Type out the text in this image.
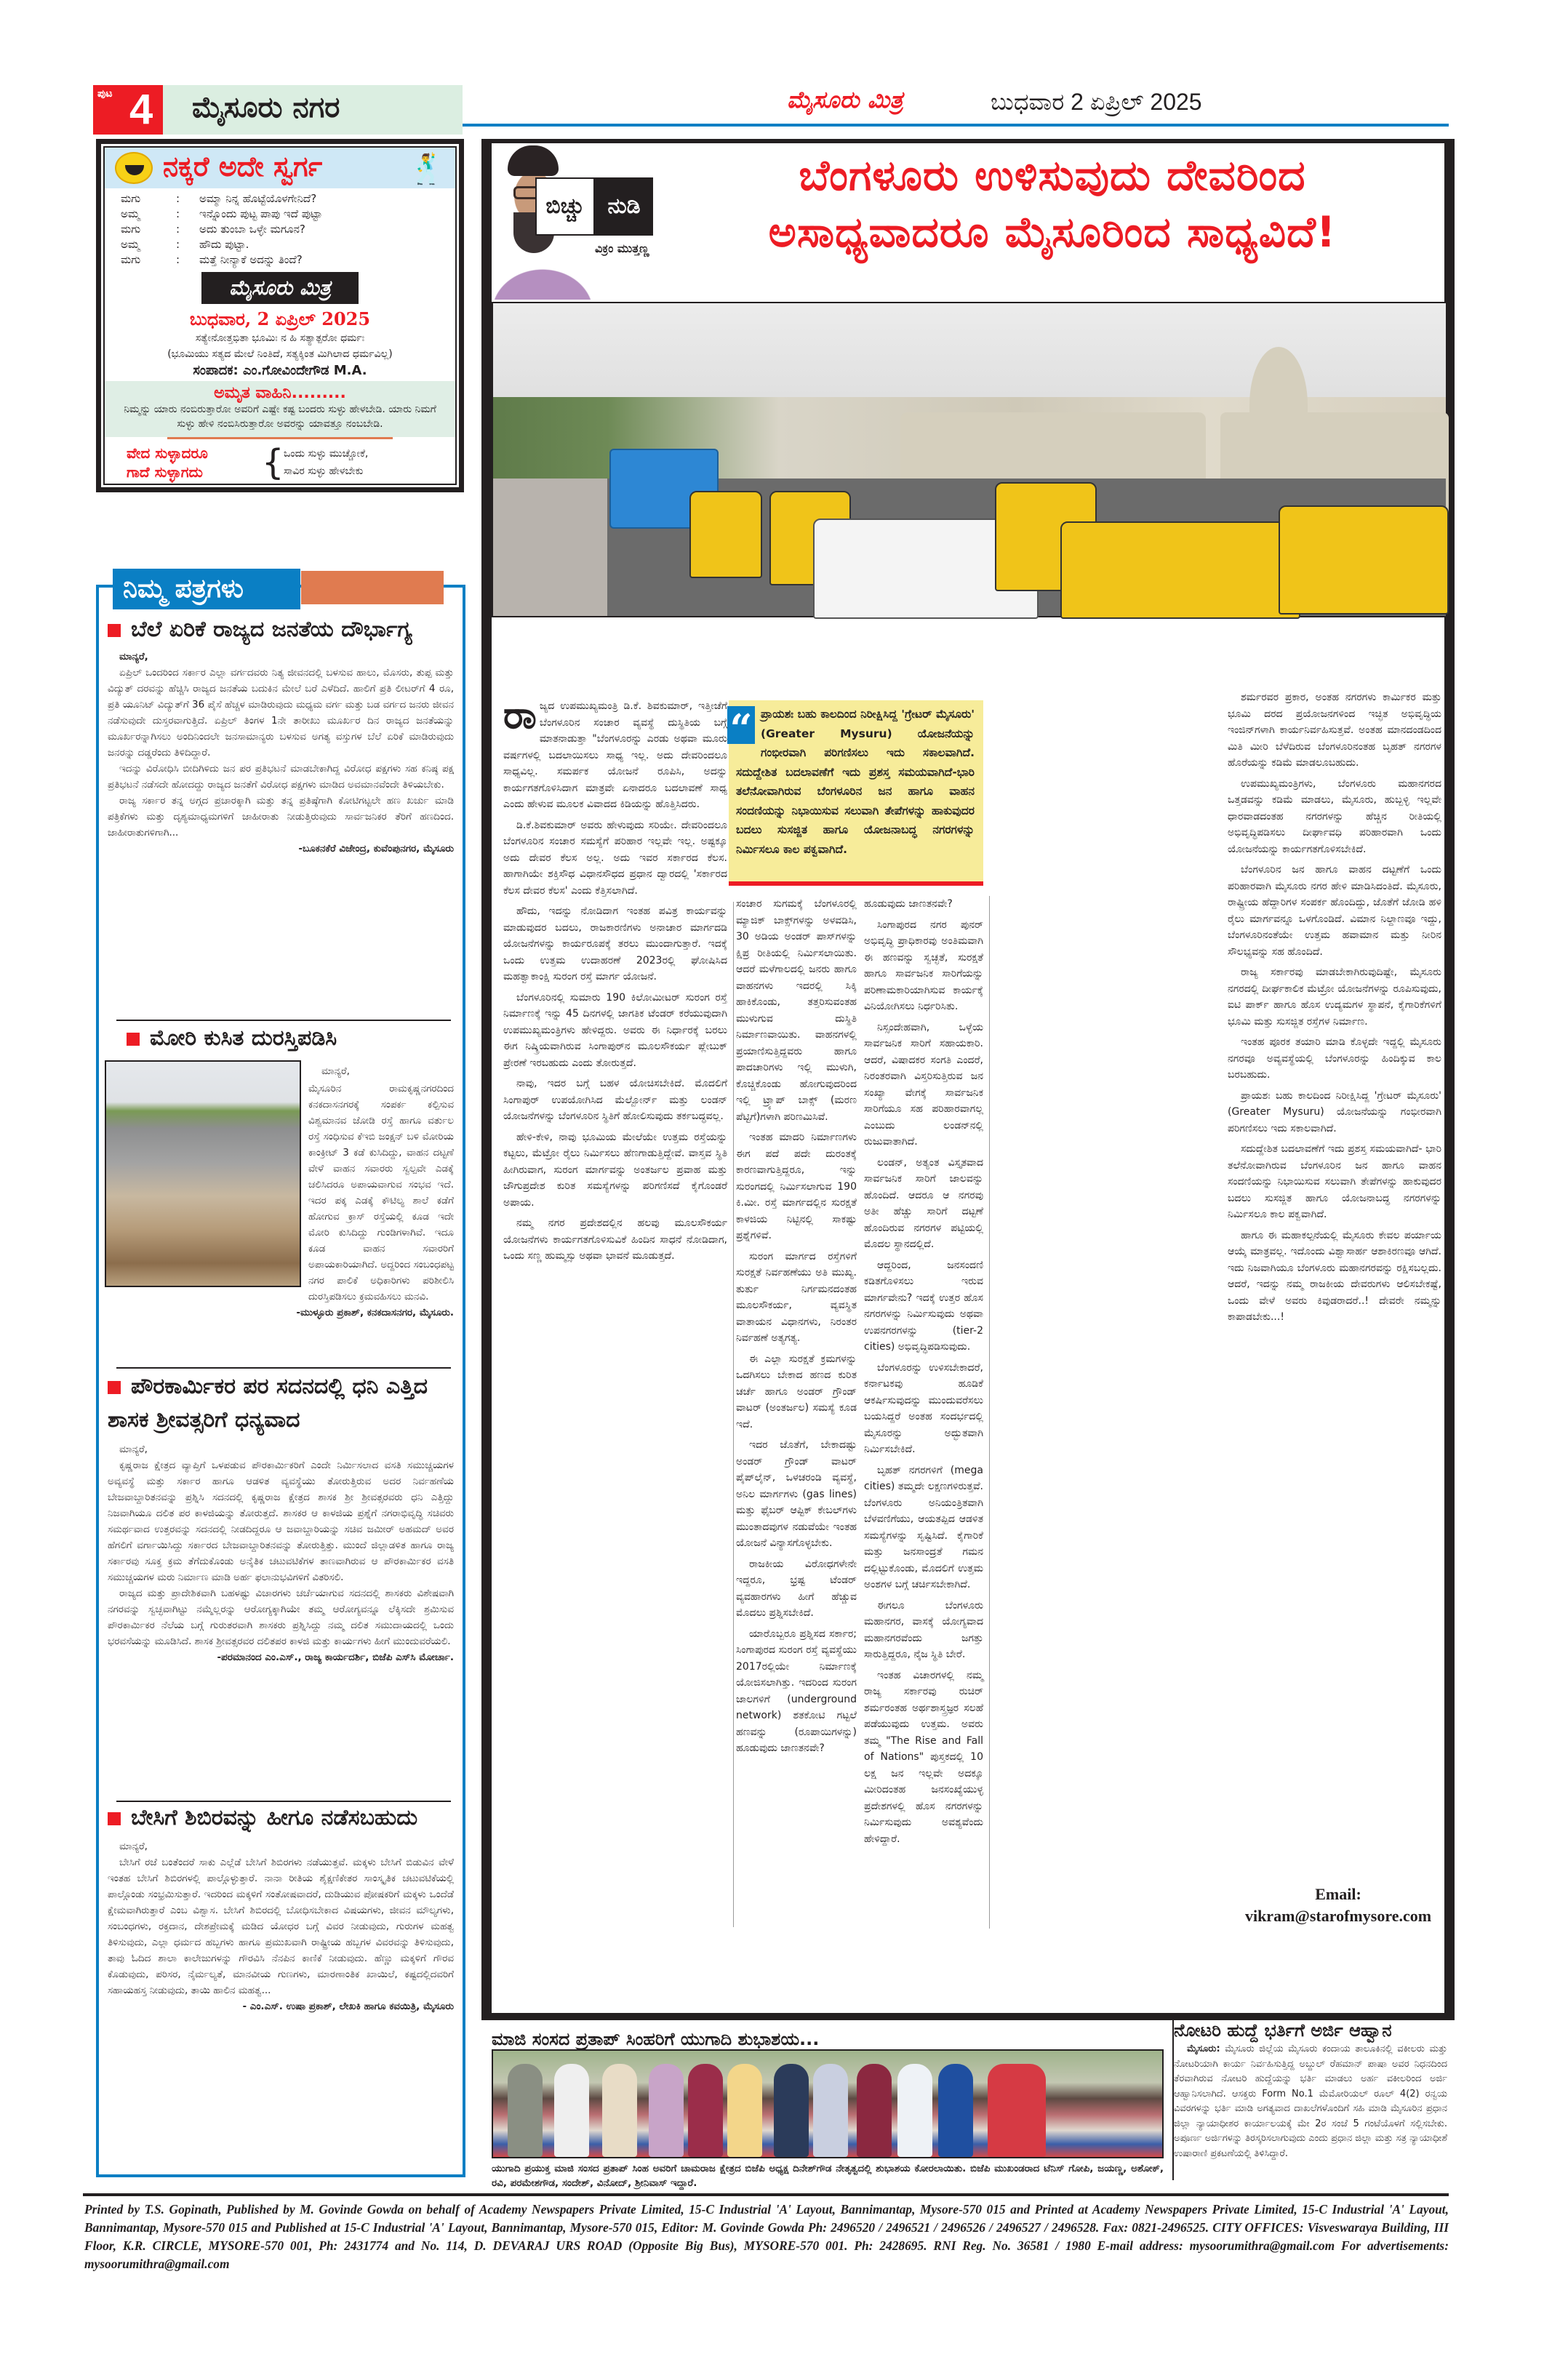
ಪುಟ 4 ಮೈಸೂರು ನಗರ	ಮೈಸೂರು ಮಿತ್ರ	ಬುಧವಾರ 2 ಏಪ್ರಿಲ್ 2025
ನಕ್ಕರೆ ಅದೇ ಸ್ವರ್ಗ	🕺
ಮಗು	:	ಅಮ್ಮಾ ನಿನ್ನ ಹೊಟ್ಟೆಯೊಳಗೇನಿದೆ?
ಅಮ್ಮ	:	ಇನ್ನೊಂದು ಪುಟ್ಟ ಪಾಪು ಇದೆ ಪುಟ್ಟಾ
ಮಗು	:	ಅದು ತುಂಬಾ ಒಳ್ಳೇ ಮಗೂನ?
ಅಮ್ಮ	:	ಹೌದು ಪುಟ್ಟಾ.
ಮಗು	:	ಮತ್ತೆ ನೀನ್ಯಾಕೆ ಅದನ್ನು ತಿಂದೆ?
ಮೈಸೂರು ಮಿತ್ರ
ಬುಧವಾರ, 2 ಏಪ್ರಿಲ್ 2025
ಸತ್ಯೇನೋತ್ತಭಿತಾ ಭೂಮಿಃ ನ ಹಿ ಸತ್ಯಾತ್ಪರೋ ಧರ್ಮಃ
(ಭೂಮಿಯು ಸತ್ಯದ ಮೇಲೆ ನಿಂತಿದೆ, ಸತ್ಯಕ್ಕಿಂತ ಮಿಗಿಲಾದ ಧರ್ಮವಿಲ್ಲ)
ಸಂಪಾದಕ: ಎಂ.ಗೋವಿಂದೇಗೌಡ M.A.
ಅಮೃತ ವಾಹಿನಿ.........
ನಿಮ್ಮನ್ನು ಯಾರು ನಂಬಿರುತ್ತಾರೋ ಅವರಿಗೆ ಎಷ್ಟೇ ಕಷ್ಟ ಬಂದರು ಸುಳ್ಳು ಹೇಳಬೇಡಿ. ಯಾರು ನಿಮಗೆ ಸುಳ್ಳು ಹೇಳಿ ನಂಬಿಸಿರುತ್ತಾರೋ ಅವರನ್ನು ಯಾವತ್ತೂ ನಂಬಬೇಡಿ.
ವೇದ ಸುಳ್ಳಾದರೂ
ಗಾದೆ ಸುಳ್ಳಾಗದು	{ ಒಂದು ಸುಳ್ಳು ಮುಚ್ಚೋಕೆ,
ಸಾವಿರ ಸುಳ್ಳು ಹೇಳಬೇಕು
ನಿಮ್ಮ ಪತ್ರಗಳು
ಬೆಲೆ ಏರಿಕೆ ರಾಜ್ಯದ ಜನತೆಯ ದೌರ್ಭಾಗ್ಯ
ಮಾನ್ಯರೆ,

ಏಪ್ರಿಲ್ ಒಂದರಿಂದ ಸರ್ಕಾರ ಎಲ್ಲಾ ವರ್ಗದವರು ನಿತ್ಯ ಜೀವನದಲ್ಲಿ ಬಳಸುವ ಹಾಲು, ಮೊಸರು, ತುಪ್ಪ ಮತ್ತು ವಿದ್ಯುತ್ ದರವನ್ನು ಹೆಚ್ಚಿಸಿ ರಾಜ್ಯದ ಜನತೆಯ ಬದುಕಿನ ಮೇಲೆ ಬರೆ ಎಳೆದಿದೆ. ಹಾಲಿಗೆ ಪ್ರತಿ ಲೀಟರ್‌ಗೆ 4 ರೂ, ಪ್ರತಿ ಯೂನಿಟ್ ವಿದ್ಯುತ್‌ಗೆ 36 ಪೈಸೆ ಹೆಚ್ಚಳ ಮಾಡಿರುವುದು ಮಧ್ಯಮ ವರ್ಗ ಮತ್ತು ಬಡ ವರ್ಗದ ಜನರು ಜೀವನ ನಡೆಸುವುದೇ ದುಸ್ತರವಾಗುತ್ತಿದೆ. ಏಪ್ರಿಲ್ ತಿಂಗಳ 1ನೇ ತಾರೀಖು ಮೂರ್ಖರ ದಿನ ರಾಜ್ಯದ ಜನತೆಯನ್ನು ಮೂರ್ಖರನ್ನಾಗಿಸಲು ಅಂದಿನಿಂದಲೇ ಜನಸಾಮಾನ್ಯರು ಬಳಸುವ ಅಗತ್ಯ ವಸ್ತುಗಳ ಬೆಲೆ ಏರಿಕೆ ಮಾಡಿರುವುದು ಜನರನ್ನು ದಡ್ಡರೆಂದು ತಿಳಿದಿದ್ದಾರೆ.

ಇದನ್ನು ವಿರೋಧಿಸಿ ಬೀದಿಗಿಳಿದು ಜನ ಪರ ಪ್ರತಿಭಟನೆ ಮಾಡಬೇಕಾಗಿದ್ದ ವಿರೋಧ ಪಕ್ಷಗಳು ಸಹ ಕನಿಷ್ಠ ಪಕ್ಷ ಪ್ರತಿಭಟನೆ ನಡೆಸದೇ ಹೋದದ್ದು ರಾಜ್ಯದ ಜನತೆಗೆ ವಿರೋಧ ಪಕ್ಷಗಳು ಮಾಡಿದ ಅವಮಾನವೆಂದೇ ತಿಳಿಯಬೇಕು.

ರಾಜ್ಯ ಸರ್ಕಾರ ತನ್ನ ಅಗ್ಗದ ಪ್ರಚಾರಕ್ಕಾಗಿ ಮತ್ತು ತನ್ನ ಪ್ರತಿಷ್ಠೆಗಾಗಿ ಕೋಟಿಗಟ್ಟಲೇ ಹಣ ಖರ್ಚು ಮಾಡಿ ಪತ್ರಿಕೆಗಳು ಮತ್ತು ದೃಶ್ಯಮಾಧ್ಯಮಗಳಿಗೆ ಜಾಹೀರಾತು ನೀಡುತ್ತಿರುವುದು ಸಾರ್ವಜನಿಕರ ತೆರಿಗೆ ಹಣದಿಂದ. ಜಾಹೀರಾತುಗಳಿಗಾಗಿ...

-ಬೂಕನಕೆರೆ ವಿಜೇಂದ್ರ, ಕುವೆಂಪುನಗರ, ಮೈಸೂರು
ಮೋರಿ ಕುಸಿತ ದುರಸ್ತಿಪಡಿಸಿ
ಮಾನ್ಯರೆ,

ಮೈಸೂರಿನ ರಾಮಕೃಷ್ಣನಗರದಿಂದ ಕನಕದಾಸನಗರಕ್ಕೆ ಸಂಪರ್ಕ ಕಲ್ಪಿಸುವ ವಿಶ್ವಮಾನವ ಜೋಡಿ ರಸ್ತೆ ಹಾಗೂ ವರ್ತುಲ ರಸ್ತೆ ಸಂಧಿಸುವ ಕೆಇಬಿ ಜಂಕ್ಷನ್ ಬಳಿ ಮೋರಿಯ ಕಾಂಕ್ರೀಟ್ 3 ಕಡೆ ಕುಸಿದಿದ್ದು, ವಾಹನ ದಟ್ಟಣೆ ವೇಳೆ ವಾಹನ ಸವಾರರು ಸ್ವಲ್ಪವೇ ಎಡಕ್ಕೆ ಚಲಿಸಿದರೂ ಅಪಾಯವಾಗುವ ಸಂಭವ ಇದೆ. ಇದರ ಪಕ್ಕ ಎಡಕ್ಕೆ ಕೌಟಿಲ್ಯ ಶಾಲೆ ಕಡೆಗೆ ಹೋಗುವ ಕ್ರಾಸ್ ರಸ್ತೆಯಲ್ಲಿ ಕೂಡ ಇದೇ ಮೋರಿ ಕುಸಿದಿದ್ದು ಗುಂಡಿಗಳಾಗಿವೆ. ಇದೂ ಕೂಡ ವಾಹನ ಸವಾರರಿಗೆ ಅಪಾಯಕಾರಿಯಾಗಿದೆ. ಅದ್ದರಿಂದ ಸಂಬಂಧಪಟ್ಟ ನಗರ ಪಾಲಿಕೆ ಅಧಿಕಾರಿಗಳು ಪರಿಶೀಲಿಸಿ ದುರಸ್ತಿಪಡಿಸಲು ಕ್ರಮವಹಿಸಲು ಮನವಿ.

-ಮುಳ್ಳೂರು ಪ್ರಕಾಶ್, ಕನಕದಾಸನಗರ, ಮೈಸೂರು.
ಪೌರಕಾರ್ಮಿಕರ ಪರ ಸದನದಲ್ಲಿ ಧನಿ ಎತ್ತಿದ ಶಾಸಕ ಶ್ರೀವತ್ಸರಿಗೆ ಧನ್ಯವಾದ
ಮಾನ್ಯರೆ,

ಕೃಷ್ಣರಾಜ ಕ್ಷೇತ್ರದ ವ್ಯಾಪ್ತಿಗೆ ಒಳಪಡುವ ಪೌರಕಾರ್ಮಿಕರಿಗೆ ಎಂದೇ ನಿರ್ಮಿಸಲಾದ ವಸತಿ ಸಮುಚ್ಚಯಗಳ ಅವ್ಯವಸ್ಥೆ ಮತ್ತು ಸರ್ಕಾರ ಹಾಗೂ ಆಡಳಿತ ವ್ಯವಸ್ಥೆಯು ತೋರುತ್ತಿರುವ ಅದರ ನಿರ್ವಹಣೆಯ ಬೇಜವಾಬ್ದಾರಿತನವನ್ನು ಪ್ರಶ್ನಿಸಿ ಸದನದಲ್ಲಿ ಕೃಷ್ಣರಾಜ ಕ್ಷೇತ್ರದ ಶಾಸಕ ಶ್ರೀ ಶ್ರೀವತ್ಸರವರು ಧನಿ ಎತ್ತಿದ್ದು ನಿಜವಾಗಿಯೂ ದಲಿತ ಪರ ಕಾಳಜಿಯನ್ನು ತೋರುತ್ತದೆ. ಶಾಸಕರ ಆ ಕಾಳಜಿಯ ಪ್ರಶ್ನೆಗೆ ನಗರಾಭಿವೃದ್ಧಿ ಸಚಿವರು ಸಮರ್ಥವಾದ ಉತ್ತರವನ್ನು ಸದನದಲ್ಲಿ ನೀಡದಿದ್ದರೂ ಆ ಜವಾಬ್ದಾರಿಯನ್ನು ಸಚಿವ ಜಮೀರ್ ಅಹಮದ್ ಅವರ ಹೆಗಲಿಗೆ ವರ್ಗಾಯಿಸಿದ್ದು ಸರ್ಕಾರದ ಬೇಜವಾಬ್ದಾರಿತನವನ್ನು ತೋರುತ್ತಿತ್ತು. ಮುಂದೆ ಜಿಲ್ಲಾಡಳಿತ ಹಾಗೂ ರಾಜ್ಯ ಸರ್ಕಾರವು ಸೂಕ್ತ ಕ್ರಮ ತೆಗೆದುಕೊಂಡು ಅನೈತಿಕ ಚಟುವಟಿಕೆಗಳ ತಾಣವಾಗಿರುವ ಆ ಪೌರಕಾರ್ಮಿಕರ ವಸತಿ ಸಮುಚ್ಚಯಗಳ ಮರು ನಿರ್ಮಾಣ ಮಾಡಿ ಅರ್ಹ ಫಲಾನುಭವಿಗಳಿಗೆ ವಿತರಿಸಲಿ.

ರಾಜ್ಯದ ಮತ್ತು ಪ್ರಾದೇಶಿಕವಾಗಿ ಬಹಳಷ್ಟು ವಿಚಾರಗಳು ಚರ್ಚೆಯಾಗುವ ಸದನದಲ್ಲಿ ಶಾಸಕರು ವಿಶೇಷವಾಗಿ ನಗರವನ್ನು ಸ್ವಚ್ಛವಾಗಿಟ್ಟು ನಮ್ಮೆಲ್ಲರನ್ನು ಆರೋಗ್ಯಕ್ಕಾಗಿಯೇ ತಮ್ಮ ಆರೋಗ್ಯವನ್ನೂ ಲೆಕ್ಕಿಸದೇ ಶ್ರಮಿಸುವ ಪೌರಕಾರ್ಮಿಕರ ನೆಲೆಯ ಬಗ್ಗೆ ಗುರುತರವಾಗಿ ಶಾಸಕರು ಪ್ರಶ್ನಿಸಿದ್ದು ನಮ್ಮ ದಲಿತ ಸಮುದಾಯದಲ್ಲಿ ಒಂದು ಭರವಸೆಯನ್ನು ಮೂಡಿಸಿದೆ. ಶಾಸಕ ಶ್ರೀವತ್ಸರವರ ದಲಿತಪರ ಕಾಳಜಿ ಮತ್ತು ಕಾರ್ಯಗಳು ಹೀಗೆ ಮುಂದುವರೆಯಲಿ.

-ಪರಮಾನಂದ ಎಂ.ಎಸ್., ರಾಜ್ಯ ಕಾರ್ಯದರ್ಶಿ, ಬಿಜೆಪಿ ಎಸ್‌ಸಿ ಮೋರ್ಚಾ.
ಬೇಸಿಗೆ ಶಿಬಿರವನ್ನು ಹೀಗೂ ನಡೆಸಬಹುದು
ಮಾನ್ಯರೆ,

ಬೇಸಿಗೆ ರಜೆ ಬಂತೆಂದರೆ ಸಾಕು ಎಲ್ಲೆಡೆ ಬೇಸಿಗೆ ಶಿಬಿರಗಳು ನಡೆಯುತ್ತವೆ. ಮಕ್ಕಳು ಬೇಸಿಗೆ ಬಿಡುವಿನ ವೇಳೆ ಇಂತಹ ಬೇಸಿಗೆ ಶಿಬಿರಗಳಲ್ಲಿ ಪಾಲ್ಗೊಳ್ಳುತ್ತಾರೆ. ನಾನಾ ರೀತಿಯ ಶೈಕ್ಷಣಿಕೇತರ ಸಾಂಸ್ಕೃತಿಕ ಚಟುವಟಿಕೆಯಲ್ಲಿ ಪಾಲ್ಗೊಂಡು ಸಂಭ್ರಮಿಸುತ್ತಾರೆ. ಇದರಿಂದ ಮಕ್ಕಳಿಗೆ ಸಂತೋಷವಾದರೆ, ದುಡಿಯುವ ಪೋಷಕರಿಗೆ ಮಕ್ಕಳು ಒಂದೆಡೆ ಕ್ಷೇಮವಾಗಿರುತ್ತಾರೆ ಎಂಬ ವಿಶ್ವಾಸ. ಬೇಸಿಗೆ ಶಿಬಿರದಲ್ಲಿ ಬೋಧಿಸಬೇಕಾದ ವಿಷಯಗಳು, ಜೀವನ ಮೌಲ್ಯಗಳು, ಸಂಬಂಧಗಳು, ರಕ್ತದಾನ, ದೇಶಪ್ರೇಮಕ್ಕೆ ಮಡಿದ ಯೋಧರ ಬಗ್ಗೆ ವಿವರ ನೀಡುವುದು, ಗುರುಗಳ ಮಹತ್ವ ತಿಳಿಸುವುದು, ಎಲ್ಲಾ ಧರ್ಮದ ಹಬ್ಬಗಳು ಹಾಗೂ ಪ್ರಮುಖವಾಗಿ ರಾಷ್ಟ್ರೀಯ ಹಬ್ಬಗಳ ವಿವರವನ್ನು ತಿಳಿಸುವುದು, ತಾವು ಓದಿದ ಶಾಲಾ ಕಾಲೇಜುಗಳನ್ನು ಗೌರವಿಸಿ ನೆನಪಿನ ಕಾಣಿಕೆ ನೀಡುವುದು. ಹೆಣ್ಣು ಮಕ್ಕಳಿಗೆ ಗೌರವ ಕೊಡುವುದು, ಪರಿಸರ, ನೈರ್ಮಲ್ಯತೆ, ಮಾನವೀಯ ಗುಣಗಳು, ಮಾರಣಾಂತಿಕ ಖಾಯಿಲೆ, ಕಷ್ಟದಲ್ಲಿದವರಿಗೆ ಸಹಾಯಹಸ್ತ ನೀಡುವುದು, ತಾಯಿ ಹಾಲಿನ ಮಹತ್ವ...

- ಎಂ.ಎಸ್. ಉಷಾ ಪ್ರಕಾಶ್, ಲೇಖಕಿ ಹಾಗೂ ಕವಯಿತ್ರಿ, ಮೈಸೂರು
ಬಿಚ್ಚು	ನುಡಿ
ವಿಕ್ರಂ ಮುತ್ತಣ್ಣ
ಬೆಂಗಳೂರು ಉಳಿಸುವುದು ದೇವರಿಂದ
ಅಸಾಧ್ಯವಾದರೂ ಮೈಸೂರಿಂದ ಸಾಧ್ಯವಿದೆ!

ರಾಜ್ಯದ ಉಪಮುಖ್ಯಮಂತ್ರಿ ಡಿ.ಕೆ. ಶಿವಕುಮಾರ್, ಇತ್ತೀಚೆಗೆ ಬೆಂಗಳೂರಿನ ಸಂಚಾರ ವ್ಯವಸ್ಥೆ ದುಸ್ಥಿತಿಯ ಬಗ್ಗೆ ಮಾತನಾಡುತ್ತಾ "ಬೆಂಗಳೂರನ್ನು ಎರಡು ಅಥವಾ ಮೂರು ವರ್ಷಗಳಲ್ಲಿ ಬದಲಾಯಿಸಲು ಸಾಧ್ಯ ಇಲ್ಲ. ಅದು ದೇವರಿಂದಲೂ ಸಾಧ್ಯವಿಲ್ಲ. ಸಮರ್ಪಕ ಯೋಜನೆ ರೂಪಿಸಿ, ಅದನ್ನು ಕಾರ್ಯಗತಗೊಳಿಸಿದಾಗ ಮಾತ್ರವೇ ಏನಾದರೂ ಬದಲಾವಣೆ ಸಾಧ್ಯ ಎಂದು ಹೇಳುವ ಮೂಲಕ ವಿವಾದದ ಕಿಡಿಯನ್ನು ಹೊತ್ತಿಸಿದರು.

ಡಿ.ಕೆ.ಶಿವಕುಮಾರ್ ಅವರು ಹೇಳುವುದು ಸರಿಯೇ. ದೇವರಿಂದಲೂ ಬೆಂಗಳೂರಿನ ಸಂಚಾರ ಸಮಸ್ಯೆಗೆ ಪರಿಹಾರ ಇಲ್ಲವೇ ಇಲ್ಲ. ಅಷ್ಟಕ್ಕೂ ಅದು ದೇವರ ಕೆಲಸ ಅಲ್ಲ. ಅದು ಇವರ ಸರ್ಕಾರದ ಕೆಲಸ. ಹಾಗಾಗಿಯೇ ಶಕ್ತಿಸೌಧ ವಿಧಾನಸೌಧದ ಪ್ರಧಾನ ದ್ವಾರದಲ್ಲಿ 'ಸರ್ಕಾರದ ಕೆಲಸ ದೇವರ ಕೆಲಸ' ಎಂದು ಕೆತ್ತಿಸಲಾಗಿದೆ.

ಹೌದು, ಇದನ್ನು ನೋಡಿದಾಗ ಇಂತಹ ಪವಿತ್ರ ಕಾರ್ಯವನ್ನು ಮಾಡುವುದರ ಬದಲು, ರಾಜಕಾರಣಿಗಳು ಅನಾಚಾರ ಮಾರ್ಗದಡಿ ಯೋಜನೆಗಳನ್ನು ಕಾರ್ಯರೂಪಕ್ಕೆ ತರಲು ಮುಂದಾಗುತ್ತಾರೆ. ಇದಕ್ಕೆ ಒಂದು ಉತ್ತಮ ಉದಾಹರಣೆ 2023ರಲ್ಲಿ ಘೋಷಿಸಿದ ಮಹತ್ವಾಕಾಂಕ್ಷಿ ಸುರಂಗ ರಸ್ತೆ ಮಾರ್ಗ ಯೋಜನೆ.

ಬೆಂಗಳೂರಿನಲ್ಲಿ ಸುಮಾರು 190 ಕಿಲೋಮೀಟರ್ ಸುರಂಗ ರಸ್ತೆ ನಿರ್ಮಾಣಕ್ಕೆ ಇನ್ನು 45 ದಿನಗಳಲ್ಲಿ ಜಾಗತಿಕ ಟೆಂಡರ್ ಕರೆಯುವುದಾಗಿ ಉಪಮುಖ್ಯಮಂತ್ರಿಗಳು ಹೇಳಿದ್ದರು. ಅವರು ಈ ನಿರ್ಧಾರಕ್ಕೆ ಬರಲು ಈಗ ನಿಷ್ಕ್ರಿಯವಾಗಿರುವ ಸಿಂಗಾಪುರ್‌ನ ಮೂಲಸೌಕರ್ಯ ಪ್ಲೇಬುಕ್ ಪ್ರೇರಣೆ ಇರಬಹುದು ಎಂದು ತೋರುತ್ತದೆ.

ನಾವು, ಇದರ ಬಗ್ಗೆ ಬಹಳ ಯೋಚಿಸಬೇಕಿದೆ. ಮೊದಲಿಗೆ ಸಿಂಗಾಪುರ್ ಉಪಯೋಗಿಸಿದ ಮೆಲ್ಬೋರ್ನ್ ಮತ್ತು ಲಂಡನ್ ಯೋಜನೆಗಳನ್ನು ಬೆಂಗಳೂರಿನ ಸ್ಥಿತಿಗೆ ಹೋಲಿಸುವುದು ತರ್ಕಬದ್ಧವಲ್ಲ.

ಹೇಳಿ-ಕೇಳಿ, ನಾವು ಭೂಮಿಯ ಮೇಲೆಯೇ ಉತ್ತಮ ರಸ್ತೆಯನ್ನು ಕಟ್ಟಲು, ಮೆಟ್ರೋ ರೈಲು ನಿರ್ಮಿಸಲು ಹೆಣಗಾಡುತ್ತಿದ್ದೇವೆ. ವಾಸ್ತವ ಸ್ಥಿತಿ ಹೀಗಿರುವಾಗ, ಸುರಂಗ ಮಾರ್ಗವನ್ನು ಅಂತರ್ಜಲ ಪ್ರವಾಹ ಮತ್ತು ಜೌಗುಪ್ರದೇಶ ಕುರಿತ ಸಮಸ್ಯೆಗಳನ್ನು ಪರಿಗಣಿಸದೆ ಕೈಗೊಂಡರೆ ಅಪಾಯ.

ನಮ್ಮ ನಗರ ಪ್ರದೇಶದಲ್ಲಿನ ಹಲವು ಮೂಲಸೌಕರ್ಯ ಯೋಜನೆಗಳು ಕಾರ್ಯಗತಗೊಳಿಸುವಿಕೆ ಹಿಂದಿನ ಸಾಧನೆ ನೋಡಿದಾಗ, ಒಂದು ಸಣ್ಣ ಹುಮ್ಮಸ್ಸು ಅಥವಾ ಭಾವನೆ ಮೂಡುತ್ತದೆ.

“ ಪ್ರಾಯಶಃ ಬಹು ಕಾಲದಿಂದ ನಿರೀಕ್ಷಿಸಿದ್ದ 'ಗ್ರೇಟರ್ ಮೈಸೂರು' (Greater Mysuru) ಯೋಜನೆಯನ್ನು ಗಂಭೀರವಾಗಿ ಪರಿಗಣಿಸಲು ಇದು ಸಕಾಲವಾಗಿದೆ. ಸದುದ್ದೇಶಿತ ಬದಲಾವಣೆಗೆ ಇದು ಪ್ರಶಸ್ತ ಸಮಯವಾಗಿದೆ-ಭಾರಿ ತಲೆನೋವಾಗಿರುವ ಬೆಂಗಳೂರಿನ ಜನ ಹಾಗೂ ವಾಹನ ಸಂದಣಿಯನ್ನು ನಿಭಾಯಿಸುವ ಸಲುವಾಗಿ ತೇಪೆಗಳನ್ನು ಹಾಕುವುದರ ಬದಲು ಸುಸಜ್ಜಿತ ಹಾಗೂ ಯೋಜನಾಬದ್ಧ ನಗರಗಳನ್ನು ನಿರ್ಮಿಸಲೂ ಕಾಲ ಪಕ್ವವಾಗಿದೆ.

ಸಂಚಾರ ಸುಗಮಕ್ಕೆ ಬೆಂಗಳೂರಲ್ಲಿ ಮ್ಯಾಜಿಕ್ ಬಾಕ್ಸ್‌ಗಳನ್ನು ಅಳವಡಿಸಿ, 30 ಅಡಿಯ ಅಂಡರ್ ಪಾಸ್‌ಗಳನ್ನು ಕ್ಷಿಪ್ರ ರೀತಿಯಲ್ಲಿ ನಿರ್ಮಿಸಲಾಯಿತು. ಆದರೆ ಮಳೆಗಾಲದಲ್ಲಿ ಜನರು ಹಾಗೂ ವಾಹನಗಳು ಇದರಲ್ಲಿ ಸಿಕ್ಕಿ ಹಾಕಿಕೊಂಡು, ತತ್ತರಿಸುವಂತಹ ಮುಳುಗುವ ದುಸ್ಥಿತಿ ನಿರ್ಮಾಣವಾಯಿತು. ವಾಹನಗಳಲ್ಲಿ ಪ್ರಯಾಣಿಸುತ್ತಿದ್ದವರು ಹಾಗೂ ಪಾದಚಾರಿಗಳು ಇಲ್ಲಿ ಮುಳುಗಿ, ಕೊಚ್ಚಿಕೊಂಡು ಹೋಗುವುದರಿಂದ ಇಲ್ಲಿ ಟ್ರ್ಯಾಪ್ ಬಾಕ್ಸ್ (ಮರಣ ಪೆಟ್ಟಿಗೆ)ಗಳಾಗಿ ಪರಿಣಮಿಸಿವೆ.

ಇಂತಹ ಮಾದರಿ ನಿರ್ಮಾಣಗಳು ಈಗ ಪದೆ ಪದೇ ದುರಂತಕ್ಕೆ ಕಾರಣವಾಗುತ್ತಿದ್ದರೂ, ಇನ್ನು ಸುರಂಗದಲ್ಲಿ ನಿರ್ಮಿಸಲಾಗುವ 190 ಕಿ.ಮೀ. ರಸ್ತೆ ಮಾರ್ಗದಲ್ಲಿನ ಸುರಕ್ಷತೆ ಕಾಳಜಿಯ ನಿಟ್ಟಿನಲ್ಲಿ ಸಾಕಷ್ಟು ಪ್ರಶ್ನೆಗಳಿವೆ.

ಸುರಂಗ ಮಾರ್ಗದ ರಸ್ತೆಗಳಿಗೆ ಸುರಕ್ಷತೆ ನಿರ್ವಹಣೆಯು ಅತಿ ಮುಖ್ಯ. ತುರ್ತು ನಿರ್ಗಮನದಂತಹ ಮೂಲಸೌಕರ್ಯ, ವ್ಯವಸ್ಥಿತ ವಾತಾಯನ ವಿಧಾನಗಳು, ನಿರಂತರ ನಿರ್ವಹಣೆ ಅತ್ಯಗತ್ಯ.

ಈ ಎಲ್ಲಾ ಸುರಕ್ಷತೆ ಕ್ರಮಗಳನ್ನು ಒದಗಿಸಲು ಬೇಕಾದ ಹಣದ ಕುರಿತ ಚರ್ಚೆ ಹಾಗೂ ಅಂಡರ್ ಗ್ರೌಂಡ್ ವಾಟರ್ (ಅಂತರ್ಜಲ) ಸಮಸ್ಯೆ ಕೂಡ ಇದೆ.

ಇದರ ಜೊತೆಗೆ, ಬೇಕಾದಷ್ಟು ಅಂಡರ್ ಗ್ರೌಂಡ್ ವಾಟರ್ ಪೈಪ್‌ಲೈನ್, ಒಳಚರಂಡಿ ವ್ಯವಸ್ಥೆ, ಅನಿಲ ಮಾರ್ಗಗಳು (gas lines) ಮತ್ತು ಫೈಬರ್ ಆಪ್ಟಿಕ್ ಕೇಬಲ್‌ಗಳು ಮುಂತಾದವುಗಳ ನಡುವೆಯೇ ಇಂತಹ ಯೋಜನೆ ವಿನ್ಯಾಸಗೊಳ್ಳಬೇಕು.

ರಾಜಕೀಯ ವಿರೋಧಗಳೇನೇ ಇದ್ದರೂ, ಭ್ರಷ್ಟ ಟೆಂಡರ್ ವ್ಯವಹಾರಗಳು ಹೀಗೆ ಹೆಚ್ಚುವ ಮೊದಲು ಪ್ರಶ್ನಿಸಬೇಕಿದೆ.

ಯಾರೊಬ್ಬರೂ ಪ್ರಶ್ನಿಸದ ಸರ್ಕಾರ; ಸಿಂಗಾಪುರದ ಸುರಂಗ ರಸ್ತೆ ವ್ಯವಸ್ಥೆಯು 2017ರಲ್ಲಿಯೇ ನಿರ್ಮಾಣಕ್ಕೆ ಯೋಜಿಸಲಾಗಿತ್ತು. ಇದರಿಂದ ಸುರಂಗ ಜಾಲಗಳಿಗೆ (underground network) ಶತಕೋಟಿ ಗಟ್ಟಲೆ ಹಣವನ್ನು (ರೂಪಾಯಿಗಳನ್ನು) ಹೂಡುವುದು ಜಾಣತನವೇ?

ಹೂಡುವುದು ಜಾಣತನವೇ?

ಸಿಂಗಾಪುರದ ನಗರ ಪುನರ್ ಅಭಿವೃದ್ಧಿ ಪ್ರಾಧಿಕಾರವು ಅಂತಿಮವಾಗಿ ಈ ಹಣವನ್ನು ಸ್ವಚ್ಛತೆ, ಸುರಕ್ಷತೆ ಹಾಗೂ ಸಾರ್ವಜನಿಕ ಸಾರಿಗೆಯನ್ನು ಪರಿಣಾಮಕಾರಿಯಾಗಿಸುವ ಕಾರ್ಯಕ್ಕೆ ವಿನಿಯೋಗಿಸಲು ನಿರ್ಧರಿಸಿತು.

ನಿಸ್ಸಂದೇಹವಾಗಿ, ಒಳ್ಳೆಯ ಸಾರ್ವಜನಿಕ ಸಾರಿಗೆ ಸಹಾಯಕಾರಿ. ಆದರೆ, ವಿಷಾದಕರ ಸಂಗತಿ ಎಂದರೆ, ನಿರಂತರವಾಗಿ ವಿಸ್ತರಿಸುತ್ತಿರುವ ಜನ ಸಂಖ್ಯಾ ವೇಗಕ್ಕೆ ಸಾರ್ವಜನಿಕ ಸಾರಿಗೆಯೂ ಸಹ ಪರಿಹಾರವಾಗಲ್ಲ ಎಂಬುದು ಲಂಡನ್‌ನಲ್ಲಿ ರುಜುವಾತಾಗಿದೆ.

ಲಂಡನ್, ಅತ್ಯಂತ ವಿಸ್ತೃತವಾದ ಸಾರ್ವಜನಿಕ ಸಾರಿಗೆ ಜಾಲವನ್ನು ಹೊಂದಿದೆ. ಆದರೂ ಆ ನಗರವು ಅತೀ ಹೆಚ್ಚು ಸಾರಿಗೆ ದಟ್ಟಣೆ ಹೊಂದಿರುವ ನಗರಗಳ ಪಟ್ಟಿಯಲ್ಲಿ ಮೊದಲ ಸ್ಥಾನದಲ್ಲಿದೆ.

ಆದ್ದರಿಂದ, ಜನಸಂದಣಿ ಕಡಿತಗೊಳಿಸಲು ಇರುವ ಮಾರ್ಗವೇನು? ಇದಕ್ಕೆ ಉತ್ತರ ಹೊಸ ನಗರಗಳನ್ನು ನಿರ್ಮಿಸುವುದು ಅಥವಾ ಉಪನಗರಗಳನ್ನು (tier-2 cities) ಅಭಿವೃದ್ಧಿಪಡಿಸುವುದು.

ಬೆಂಗಳೂರನ್ನು ಉಳಿಸಬೇಕಾದರೆ, ಕರ್ನಾಟಕವು ಹೂಡಿಕೆ ಆಕರ್ಷಿಸುವುದನ್ನು ಮುಂದುವರೆಸಲು ಬಯಸಿದ್ದರೆ ಅಂತಹ ಸಂದರ್ಭದಲ್ಲಿ ಮೈಸೂರನ್ನು ಅದ್ಭುತವಾಗಿ ನಿರ್ಮಿಸಬೇಕಿದೆ.

ಬೃಹತ್ ನಗರಗಳಿಗೆ (mega cities) ತಮ್ಮದೇ ಲಕ್ಷಣಗಳಿರುತ್ತವೆ. ಬೆಂಗಳೂರು ಅನಿಯಂತ್ರಿತವಾಗಿ ಬೆಳವಣಿಗೆಯು, ಆಯತಪ್ಪಿದ ಆಡಳಿತ ಸಮಸ್ಯೆಗಳನ್ನು ಸೃಷ್ಟಿಸಿದೆ. ಕೈಗಾರಿಕೆ ಮತ್ತು ಜನಸಾಂದ್ರತೆ ಗಮನ ದಲ್ಲಿಟ್ಟುಕೊಂಡು, ಮೊದಲಿಗೆ ಉತ್ತಮ ಅಂಶಗಳ ಬಗ್ಗೆ ಚರ್ಚಿಸಬೇಕಾಗಿದೆ.

ಈಗಲೂ ಬೆಂಗಳೂರು ಮಹಾನಗರ, ವಾಸಕ್ಕೆ ಯೋಗ್ಯವಾದ ಮಹಾನಗರವೆಂದು ಜಗತ್ತು ಸಾರುತ್ತಿದ್ದರೂ, ನೈಜ ಸ್ಥಿತಿ ಬೇರೆ.

ಇಂತಹ ವಿಚಾರಗಳಲ್ಲಿ ನಮ್ಮ ರಾಜ್ಯ ಸರ್ಕಾರವು ರುಚಿರ್ ಶರ್ಮರಂತಹ ಅರ್ಥಶಾಸ್ತ್ರಜ್ಞರ ಸಲಹೆ ಪಡೆಯುವುದು ಉತ್ತಮ. ಅವರು ತಮ್ಮ "The Rise and Fall of Nations" ಪುಸ್ತಕದಲ್ಲಿ 10 ಲಕ್ಷ ಜನ ಇಲ್ಲವೇ ಅದಕ್ಕೂ ಮೀರಿದಂತಹ ಜನಸಂಖ್ಯೆಯುಳ್ಳ ಪ್ರದೇಶಗಳಲ್ಲಿ ಹೊಸ ನಗರಗಳನ್ನು ನಿರ್ಮಿಸುವುದು ಅವಶ್ಯವೆಂದು ಹೇಳಿದ್ದಾರೆ.

ಶರ್ಮರವರ ಪ್ರಕಾರ, ಅಂತಹ ನಗರಗಳು ಕಾರ್ಮಿಕರ ಮತ್ತು ಭೂಮಿ ದರದ ಪ್ರಯೋಜನಗಳಿಂದ ಇಚ್ಛಿತ ಅಭಿವೃದ್ಧಿಯ ಇಂಜಿನ್‌ಗಳಾಗಿ ಕಾರ್ಯನಿರ್ವಹಿಸುತ್ತವೆ. ಅಂತಹ ಮಾನದಂಡದಿಂದ ಮಿತಿ ಮೀರಿ ಬೆಳೆದಿರುವ ಬೆಂಗಳೂರಿನಂತಹ ಬೃಹತ್ ನಗರಗಳ ಹೊರೆಯನ್ನು ಕಡಿಮೆ ಮಾಡಲೂಬಹುದು.

ಉಪಮುಖ್ಯಮಂತ್ರಿಗಳು, ಬೆಂಗಳೂರು ಮಹಾನಗರದ ಒತ್ತಡವನ್ನು ಕಡಿಮೆ ಮಾಡಲು, ಮೈಸೂರು, ಹುಬ್ಬಳ್ಳಿ ಇಲ್ಲವೇ ಧಾರವಾಡದಂತಹ ನಗರಗಳನ್ನು ಹೆಚ್ಚಿನ ರೀತಿಯಲ್ಲಿ ಅಭಿವೃದ್ಧಿಪಡಿಸಲು ದೀರ್ಘಾವಧಿ ಪರಿಹಾರವಾಗಿ ಒಂದು ಯೋಜನೆಯನ್ನು ಕಾರ್ಯಗತಗೊಳಿಸಬೇಕಿದೆ.

ಬೆಂಗಳೂರಿನ ಜನ ಹಾಗೂ ವಾಹನ ದಟ್ಟಣೆಗೆ ಒಂದು ಪರಿಹಾರವಾಗಿ ಮೈಸೂರು ನಗರ ಹೇಳಿ ಮಾಡಿಸಿದಂತಿದೆ. ಮೈಸೂರು, ರಾಷ್ಟ್ರೀಯ ಹೆದ್ದಾರಿಗಳ ಸಂಪರ್ಕ ಹೊಂದಿದ್ದು, ಜೊತೆಗೆ ಜೋಡಿ ಹಳಿ ರೈಲು ಮಾರ್ಗವನ್ನೂ ಒಳಗೊಂಡಿದೆ. ವಿಮಾನ ನಿಲ್ದಾಣವೂ ಇದ್ದು, ಬೆಂಗಳೂರಿನಂತೆಯೇ ಉತ್ತಮ ಹವಾಮಾನ ಮತ್ತು ನೀರಿನ ಸೌಲಭ್ಯವನ್ನು ಸಹ ಹೊಂದಿದೆ.

ರಾಜ್ಯ ಸರ್ಕಾರವು ಮಾಡಬೇಕಾಗಿರುವುದಿಷ್ಟೇ, ಮೈಸೂರು ನಗರದಲ್ಲಿ ದೀರ್ಘಕಾಲಿಕ ಮೆಟ್ರೋ ಯೋಜನೆಗಳನ್ನು ರೂಪಿಸುವುದು, ಐಟಿ ಪಾರ್ಕ್ ಹಾಗೂ ಹೊಸ ಉದ್ಯಮಗಳ ಸ್ಥಾಪನೆ, ಕೈಗಾರಿಕೆಗಳಿಗೆ ಭೂಮಿ ಮತ್ತು ಸುಸಜ್ಜಿತ ರಸ್ತೆಗಳ ನಿರ್ಮಾಣ.

ಇಂತಹ ಪೂರಕ ತಯಾರಿ ಮಾಡಿ ಕೊಳ್ಳದೇ ಇದ್ದಲ್ಲಿ ಮೈಸೂರು ನಗರವೂ ಅವ್ಯವಸ್ಥೆಯಲ್ಲಿ ಬೆಂಗಳೂರನ್ನು ಹಿಂದಿಕ್ಕುವ ಕಾಲ ಬರಬಹುದು.

ಪ್ರಾಯಶಃ ಬಹು ಕಾಲದಿಂದ ನಿರೀಕ್ಷಿಸಿದ್ದ 'ಗ್ರೇಟರ್ ಮೈಸೂರು' (Greater Mysuru) ಯೋಜನೆಯನ್ನು ಗಂಭೀರವಾಗಿ ಪರಿಗಣಿಸಲು ಇದು ಸಕಾಲವಾಗಿದೆ.

ಸದುದ್ದೇಶಿತ ಬದಲಾವಣೆಗೆ ಇದು ಪ್ರಶಸ್ತ ಸಮಯವಾಗಿದೆ- ಭಾರಿ ತಲೆನೋವಾಗಿರುವ ಬೆಂಗಳೂರಿನ ಜನ ಹಾಗೂ ವಾಹನ ಸಂದಣಿಯನ್ನು ನಿಭಾಯಿಸುವ ಸಲುವಾಗಿ ತೇಪೆಗಳನ್ನು ಹಾಕುವುದರ ಬದಲು ಸುಸಜ್ಜಿತ ಹಾಗೂ ಯೋಜನಾಬದ್ಧ ನಗರಗಳನ್ನು ನಿರ್ಮಿಸಲೂ ಕಾಲ ಪಕ್ವವಾಗಿದೆ.

ಹಾಗೂ ಈ ಮಹಾಕಲ್ಪನೆಯಲ್ಲಿ ಮೈಸೂರು ಕೇವಲ ಪರ್ಯಾಯ ಆಯ್ಕೆ ಮಾತ್ರವಲ್ಲ. ಇದೊಂದು ವಿಶ್ವಾಸಾರ್ಹ ಆಶಾಕಿರಣವೂ ಆಗಿದೆ. ಇದು ನಿಜವಾಗಿಯೂ ಬೆಂಗಳೂರು ಮಹಾನಗರವನ್ನು ರಕ್ಷಿಸಬಲ್ಲದು. ಆದರೆ, ಇದನ್ನು ನಮ್ಮ ರಾಜಕೀಯ ದೇವರುಗಳು ಆಲಿಸಬೇಕಷ್ಟೆ, ಒಂದು ವೇಳೆ ಅವರು ಕಿವುಡರಾದರೆ..! ದೇವರೇ ನಮ್ಮನ್ನು ಕಾಪಾಡಬೇಕು...!

Email:
vikram@starofmysore.com
ಮಾಜಿ ಸಂಸದ ಪ್ರತಾಪ್ ಸಿಂಹರಿಗೆ ಯುಗಾದಿ ಶುಭಾಶಯ...
ಯುಗಾದಿ ಪ್ರಯುಕ್ತ ಮಾಜಿ ಸಂಸದ ಪ್ರತಾಪ್ ಸಿಂಹ ಅವರಿಗೆ ಚಾಮರಾಜ ಕ್ಷೇತ್ರದ ಬಿಜೆಪಿ ಅಧ್ಯಕ್ಷ ದಿನೇಶ್‌ಗೌಡ ನೇತೃತ್ವದಲ್ಲಿ ಶುಭಾಶಯ ಕೋರಲಾಯಿತು. ಬಿಜೆಪಿ ಮುಖಂಡರಾದ ಟೆನಿಸ್ ಗೋಪಿ, ಜಯಣ್ಣ, ಅಶೋಕ್, ರವಿ, ಪರಮೇಶಗೌಡ, ಸಂದೇಶ್, ವಿನೋದ್, ಶ್ರೀನಿವಾಸ್ ಇದ್ದಾರೆ.
ನೋಟರಿ ಹುದ್ದೆ ಭರ್ತಿಗೆ ಅರ್ಜಿ ಆಹ್ವಾನ
ಮೈಸೂರು: ಮೈಸೂರು ಜಿಲ್ಲೆಯ ಮೈಸೂರು ಕಂದಾಯ ತಾಲೂಕಿನಲ್ಲಿ ವಕೀಲರು ಮತ್ತು ನೋಟರಿಯಾಗಿ ಕಾರ್ಯ ನಿರ್ವಹಿಸುತ್ತಿದ್ದ ಅಬ್ದುಲ್ ರೆಹಮಾನ್ ಪಾಷಾ ಅವರ ನಿಧನದಿಂದ ತೆರವಾಗಿರುವ ನೋಟರಿ ಹುದ್ದೆಯನ್ನು ಭರ್ತಿ ಮಾಡಲು ಅರ್ಹ ವಕೀಲರಿಂದ ಅರ್ಜಿ ಆಹ್ವಾನಿಸಲಾಗಿದೆ. ಆಸಕ್ತರು Form No.1 ಮೆಮೋರಿಯಲ್ ರೂಲ್ 4(2) ರನ್ವಯ ವಿವರಗಳನ್ನು ಭರ್ತಿ ಮಾಡಿ ಅಗತ್ಯವಾದ ದಾಖಲೆಗಳೊಂದಿಗೆ ಸಹಿ ಮಾಡಿ ಮೈಸೂರಿನ ಪ್ರಧಾನ ಜಿಲ್ಲಾ ನ್ಯಾಯಾಧೀಶರ ಕಾರ್ಯಾಲಯಕ್ಕೆ ಮೇ 2ರ ಸಂಜೆ 5 ಗಂಟೆಯೊಳಗೆ ಸಲ್ಲಿಸಬೇಕು. ಅಪೂರ್ಣ ಅರ್ಜಿಗಳನ್ನು ತಿರಸ್ಕರಿಸಲಾಗುವುದು ಎಂದು ಪ್ರಧಾನ ಜಿಲ್ಲಾ ಮತ್ತು ಸತ್ರ ನ್ಯಾಯಾಧೀಶೆ ಉಷಾರಾಣಿ ಪ್ರಕಟಣೆಯಲ್ಲಿ ತಿಳಿಸಿದ್ದಾರೆ.
Printed by T.S. Gopinath, Published by M. Govinde Gowda on behalf of Academy Newspapers Private Limited, 15-C Industrial 'A' Layout, Bannimantap, Mysore-570 015 and Printed at Academy Newspapers Private Limited, 15-C Industrial 'A' Layout, Bannimantap, Mysore-570 015 and Published at 15-C Industrial 'A' Layout, Bannimantap, Mysore-570 015, Editor: M. Govinde Gowda Ph: 2496520 / 2496521 / 2496526 / 2496527 / 2496528. Fax: 0821-2496525. CITY OFFICES: Visveswaraya Building, III Floor, K.R. CIRCLE, MYSORE-570 001, Ph: 2431774 and No. 114, D. DEVARAJ URS ROAD (Opposite Big Bus), MYSORE-570 001. Ph: 2428695. RNI Reg. No. 36581 / 1980 E-mail address: mysoorumithra@gmail.com For advertisements: mysoorumithra@gmail.com
